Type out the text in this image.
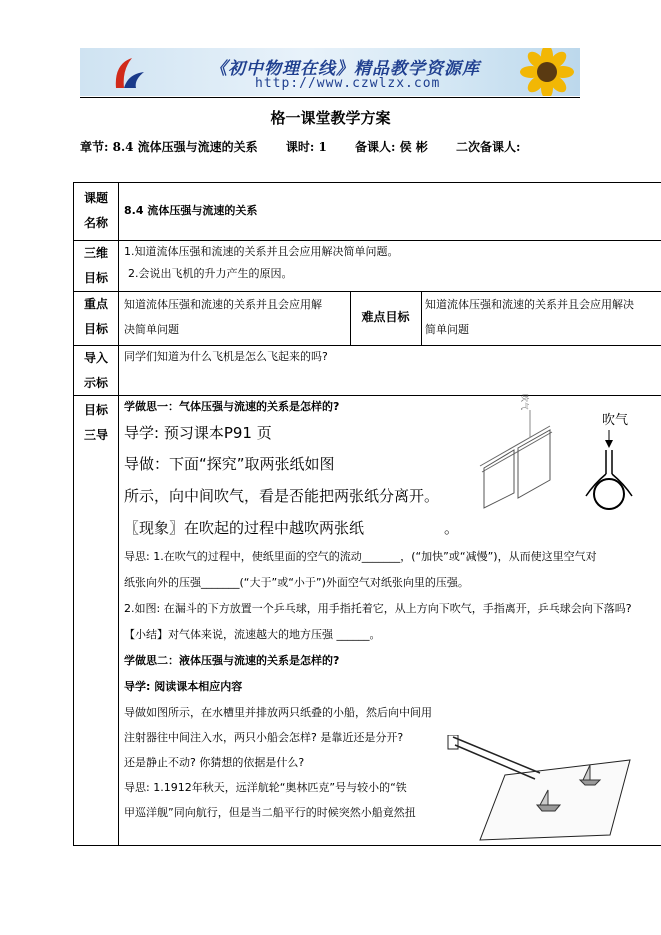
《初中物理在线》精品教学资源库
http://www.czwlzx.com
格一课堂教学方案
章节: 8.4 流体压强与流速的关系 课时: 1 备课人: 侯 彬 二次备课人:
课题
名称
8.4 流体压强与流速的关系
三维
目标
1.知道流体压强和流速的关系并且会应用解决简单问题。
2.会说出飞机的升力产生的原因。
重点
目标
知道流体压强和流速的关系并且会应用解
决简单问题
难点目标
知道流体压强和流速的关系并且会应用解决
简单问题
导入
示标
同学们知道为什么飞机是怎么飞起来的吗?
目标
三导

学做思一：气体压强与流速的关系是怎样的?

导学: 预习课本P91 页

导做：下面“探究”取两张纸如图

所示，向中间吹气，看是否能把两张纸分离开。

〖现象〗在吹起的过程中越吹两张纸	。

导思: 1.在吹气的过程中，使纸里面的空气的流动_______，(“加快”或“减慢”)，从而使这里空气对

纸张向外的压强_______(“大于”或“小于”)外面空气对纸张向里的压强。

2.如图: 在漏斗的下方放置一个乒乓球，用手指托着它，从上方向下吹气，手指离开，乒乓球会向下落吗?

【小结】对气体来说，流速越大的地方压强 ______。

学做思二：液体压强与流速的关系是怎样的?

导学: 阅读课本相应内容

导做如图所示，在水槽里并排放两只纸叠的小船，然后向中间用

注射器往中间注入水，两只小船会怎样? 是靠近还是分开?

还是静止不动? 你猜想的依据是什么?

导思: 1.1912年秋天，远洋航轮“奥林匹克”号与较小的“铁

甲巡洋舰”同向航行，但是当二船平行的时候突然小船竟然扭

吹气
吹气
